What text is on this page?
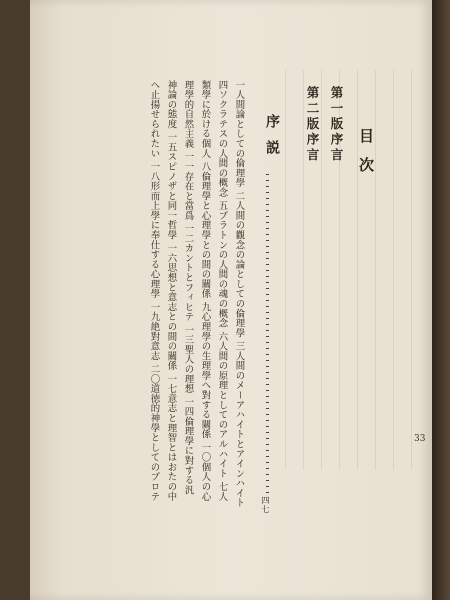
目次
第一版序言
第二版序言
序説
四七
一人間論としての倫理學 二人間の觀念の論としての倫理學 三人間のメーアハイトとアインハイト
四ソクラテスの人間の概念 五プラトンの人間の魂の概念 六人間の原理としてのアルハイト 七人
類學に於ける個人 八倫理學と心理學との間の關係 九心理學の生理學へ對する關係 一〇個人の心
理學的自然主義 一一存在と當爲 一二カントとフィヒテ 一三聖人の理想 一四倫理學に對する汎
神論の態度 一五スピノザと同一哲學 一六思想と意志との間の關係 一七意志と理智とはおたの中
へ止揚せられたい 一八形而上學に奉仕する心理學 一九絶對意志 二〇道徳的神學としてのプロテ	33
